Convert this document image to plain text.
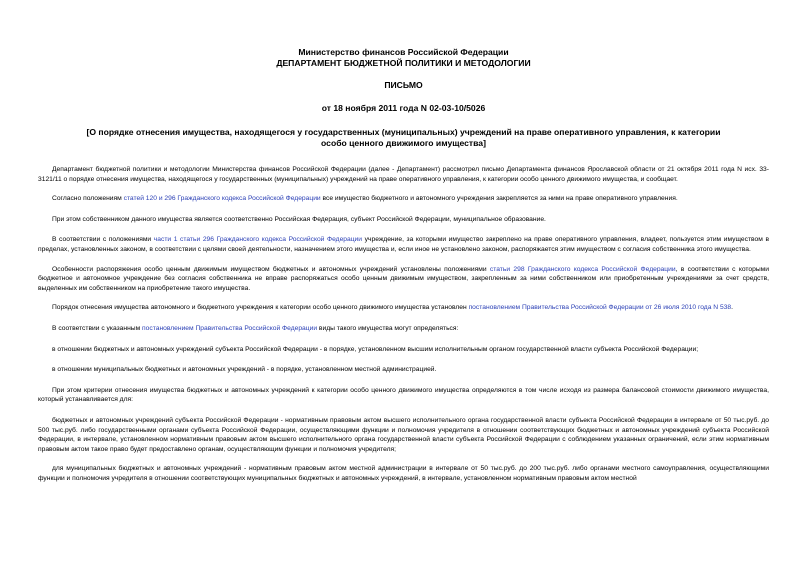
Министерство финансов Российской Федерации
ДЕПАРТАМЕНТ БЮДЖЕТНОЙ ПОЛИТИКИ И МЕТОДОЛОГИИ
ПИСЬМО
от 18 ноября 2011 года N 02-03-10/5026
[О порядке отнесения имущества, находящегося у государственных (муниципальных) учреждений на праве оперативного управления, к категории особо ценного движимого имущества]

Департамент бюджетной политики и методологии Министерства финансов Российской Федерации (далее - Департамент) рассмотрел письмо Департамента финансов Ярославской области от 21 октября 2011 года N исх. 33-3121/11 о порядке отнесения имущества, находящегося у государственных (муниципальных) учреждений на праве оперативного управления, к категории особо ценного движимого имущества, и сообщает.

Согласно положениям статей 120 и 296 Гражданского кодекса Российской Федерации все имущество бюджетного и автономного учреждения закрепляется за ними на праве оперативного управления.

При этом собственником данного имущества является соответственно Российская Федерация, субъект Российской Федерации, муниципальное образование.

В соответствии с положениями части 1 статьи 296 Гражданского кодекса Российской Федерации учреждение, за которыми имущество закреплено на праве оперативного управления, владеет, пользуется этим имуществом в пределах, установленных законом, в соответствии с целями своей деятельности, назначением этого имущества и, если иное не установлено законом, распоряжается этим имуществом с согласия собственника этого имущества.

Особенности распоряжения особо ценным движимым имуществом бюджетных и автономных учреждений установлены положениями статьи 298 Гражданского кодекса Российской Федерации, в соответствии с которыми бюджетное и автономное учреждение без согласия собственника не вправе распоряжаться особо ценным движимым имуществом, закрепленным за ними собственником или приобретенным учреждениями за счет средств, выделенных им собственником на приобретение такого имущества.

Порядок отнесения имущества автономного и бюджетного учреждения к категории особо ценного движимого имущества установлен постановлением Правительства Российской Федерации от 26 июля 2010 года N 538.

В соответствии с указанным постановлением Правительства Российской Федерации виды такого имущества могут определяться:

в отношении бюджетных и автономных учреждений субъекта Российской Федерации - в порядке, установленном высшим исполнительным органом государственной власти субъекта Российской Федерации;

в отношении муниципальных бюджетных и автономных учреждений - в порядке, установленном местной администрацией.

При этом критерии отнесения имущества бюджетных и автономных учреждений к категории особо ценного движимого имущества определяются в том числе исходя из размера балансовой стоимости движимого имущества, который устанавливается для:

бюджетных и автономных учреждений субъекта Российской Федерации - нормативным правовым актом высшего исполнительного органа государственной власти субъекта Российской Федерации в интервале от 50 тыс.руб. до 500 тыс.руб. либо государственными органами субъекта Российской Федерации, осуществляющими функции и полномочия учредителя в отношении соответствующих бюджетных и автономных учреждений субъекта Российской Федерации, в интервале, установленном нормативным правовым актом высшего исполнительного органа государственной власти субъекта Российской Федерации с соблюдением указанных ограничений, если этим нормативным правовым актом такое право будет предоставлено органам, осуществляющим функции и полномочия учредителя;

для муниципальных бюджетных и автономных учреждений - нормативным правовым актом местной администрации в интервале от 50 тыс.руб. до 200 тыс.руб. либо органами местного самоуправления, осуществляющими функции и полномочия учредителя в отношении соответствующих муниципальных бюджетных и автономных учреждений, в интервале, установленном нормативным правовым актом местной
